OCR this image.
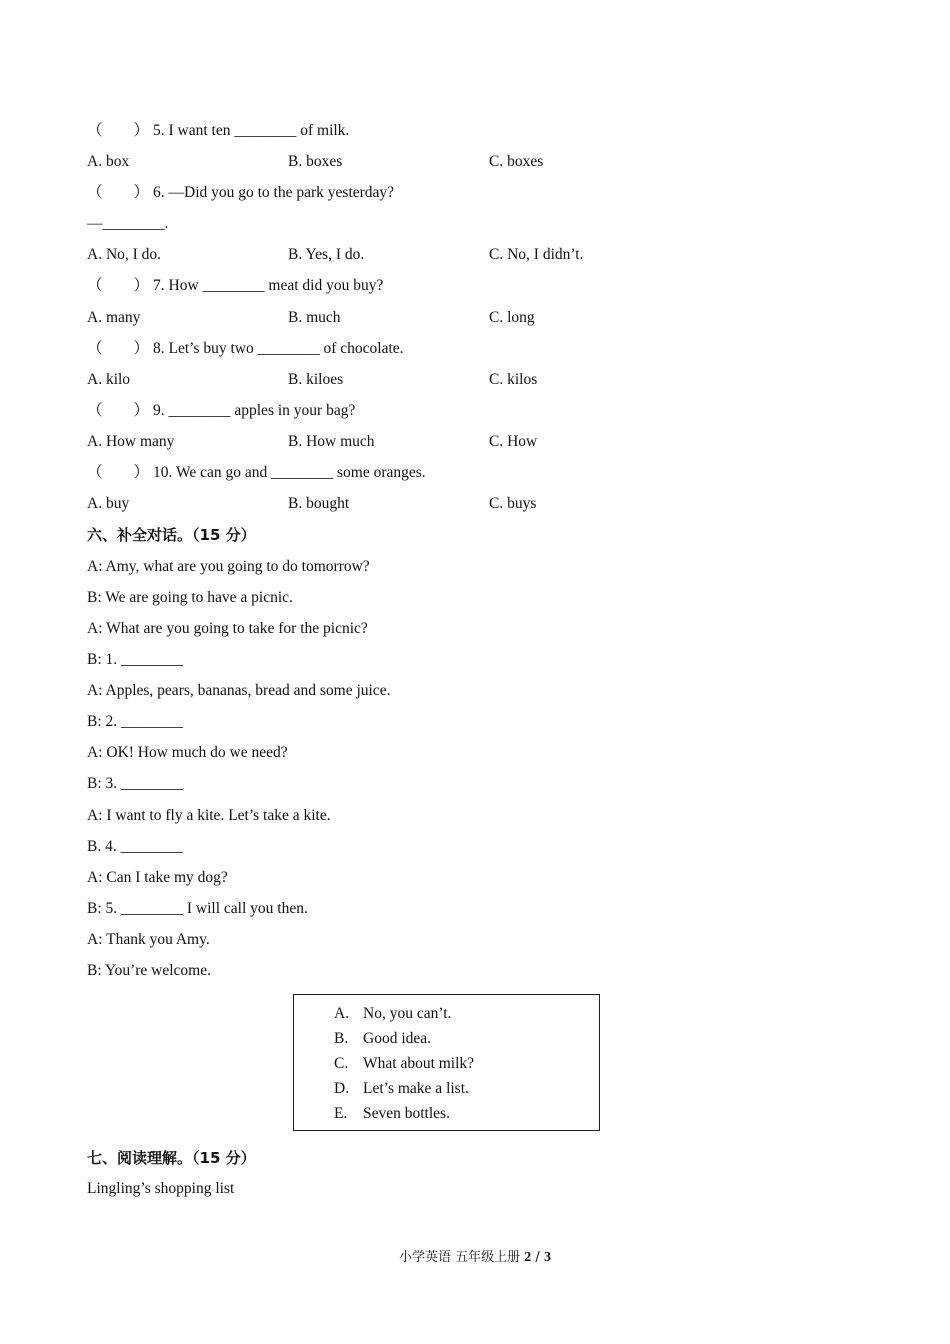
（　　） 5. I want ten ________ of milk.
A. box	B. boxes	C. boxes
（　　） 6. —Did you go to the park yesterday?
—________.
A. No, I do.	B. Yes, I do.	C. No, I didn’t.
（　　） 7. How ________ meat did you buy?
A. many	B. much	C. long
（　　） 8. Let’s buy two ________ of chocolate.
A. kilo	B. kiloes	C. kilos
（　　） 9. ________ apples in your bag?
A. How many	B. How much	C. How
（　　） 10. We can go and ________ some oranges.
A. buy	B. bought	C. buys
六、补全对话。（15 分）
A: Amy, what are you going to do tomorrow?
B: We are going to have a picnic.
A: What are you going to take for the picnic?
B: 1. ________
A: Apples, pears, bananas, bread and some juice.
B: 2. ________
A: OK! How much do we need?
B: 3. ________
A: I want to fly a kite. Let’s take a kite.
B. 4. ________
A: Can I take my dog?
B: 5. ________ I will call you then.
A: Thank you Amy.
B: You’re welcome.
A. No, you can’t.
B. Good idea.
C. What about milk?
D. Let’s make a list.
E. Seven bottles.
七、阅读理解。（15 分）
Lingling’s shopping list
小学英语 五年级上册 2 / 3
